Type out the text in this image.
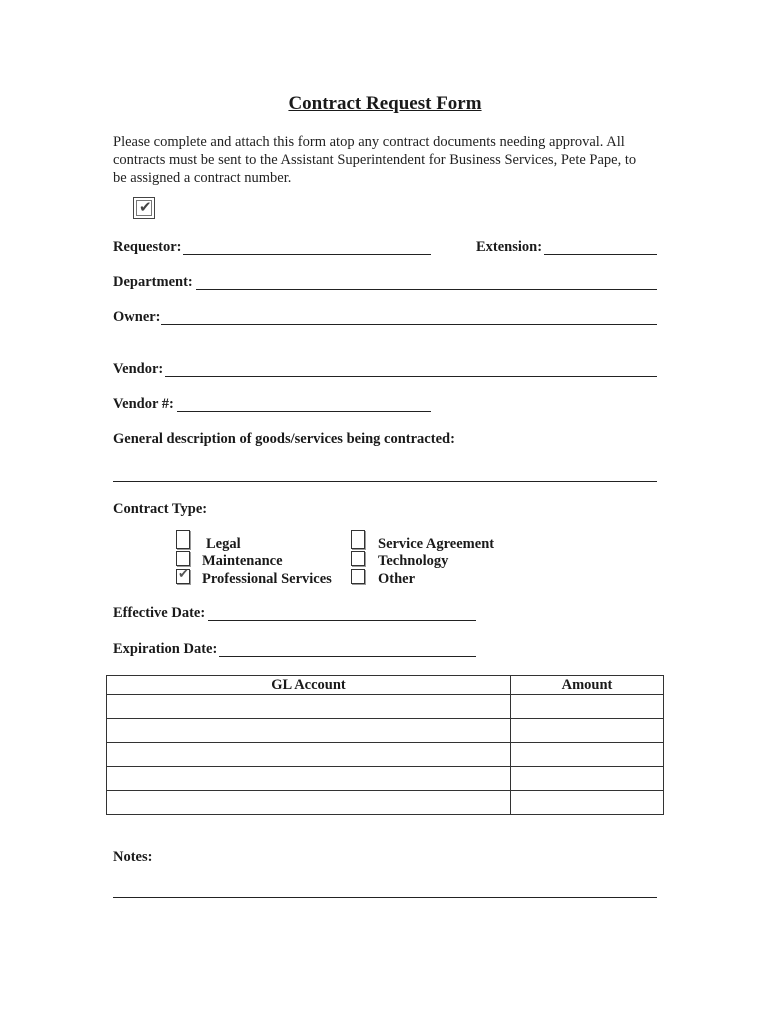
Contract Request Form
Please complete and attach this form atop any contract documents needing approval. All contracts must be sent to the Assistant Superintendent for Business Services, Pete Pape, to be assigned a contract number.
✔
Requestor:	Extension:
Department:
Owner:
Vendor:
Vendor #:
General description of goods/services being contracted:
Contract Type:
✔
Legal
Maintenance
Professional Services
Service Agreement
Technology
Other
Effective Date:
Expiration Date:
GL Account	Amount

Notes:
